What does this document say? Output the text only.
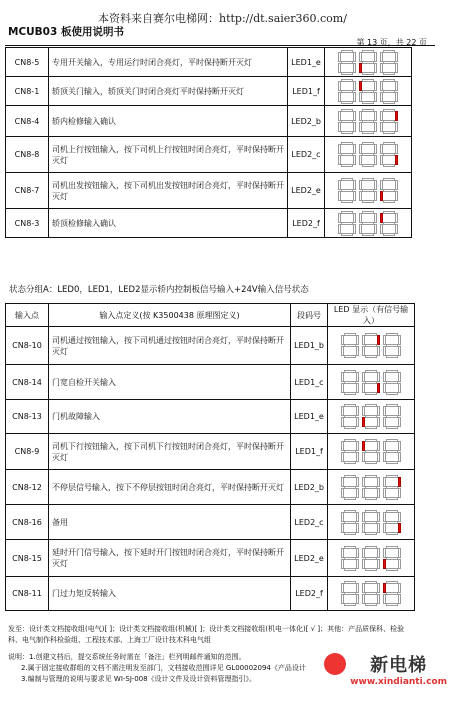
本资料来自赛尔电梯网：http://dt.saier360.com/
MCUB03 板使用说明书
第 13 页，共 22 页
CN8-5	专用开关输入，专用运行时闭合亮灯，平时保持断开灭灯	LED1_e	

CN8-1	轿顶关门输入，轿顶关门时闭合亮灯平时保持断开灭灯	LED1_f	

CN8-4	轿内检修输入确认	LED2_b	

CN8-8	司机上行按钮输入，按下司机上行按钮时闭合亮灯，平时保持断开灭灯	LED2_c	

CN8-7	司机出发按钮输入，按下司机出发按钮时闭合亮灯，平时保持断开灭灯	LED2_e	

CN8-3	轿顶检修输入确认	LED2_f	
状态分组A：LED0，LED1，LED2显示轿内控制板信号输入+24V输入信号状态
输入点	输入点定义(按 K3500438 原理图定义)	段码号	LED 显示（有信号输入）
CN8-10	司机通过按钮输入，按下司机通过按钮时闭合亮灯，平时保持断开灭灯	LED1_b	

CN8-14	门宽自检开关输入	LED1_c	

CN8-13	门机故障输入	LED1_e	

CN8-9	司机下行按钮输入，按下司机下行按钮时闭合亮灯，平时保持断开灭灯	LED1_f	

CN8-12	不停层信号输入，按下不停层按钮时闭合亮灯，平时保持断开灭灯	LED2_b	

CN8-16	备用	LED2_c	

CN8-15	延时开门信号输入，按下延时开门按钮时闭合亮灯，平时保持断开灭灯	LED2_e	

CN8-11	门过力矩反转输入	LED2_f	
发至：设计类文档接收组(电气)[ ]；设计类文档接收组(机械)[ ]；设计类文档接收组(机电一体化)[ √ ]；其他：产品质保科、检验
科、电气制作科检验组、工程技术部、上海工厂设计技术科电气组
说明：1.创建文档后，提交系统任务时需在「备注」栏列明邮件通知的范围。
2.属于固定接收群组的文档不需注明发至部门，文档接收范围详见 GL00002094《产品设计
3.编制与管理的说明与要求见 WI-SJ-008《设计文件及设计资料管理指引》。
新电梯
www.xindianti.com
